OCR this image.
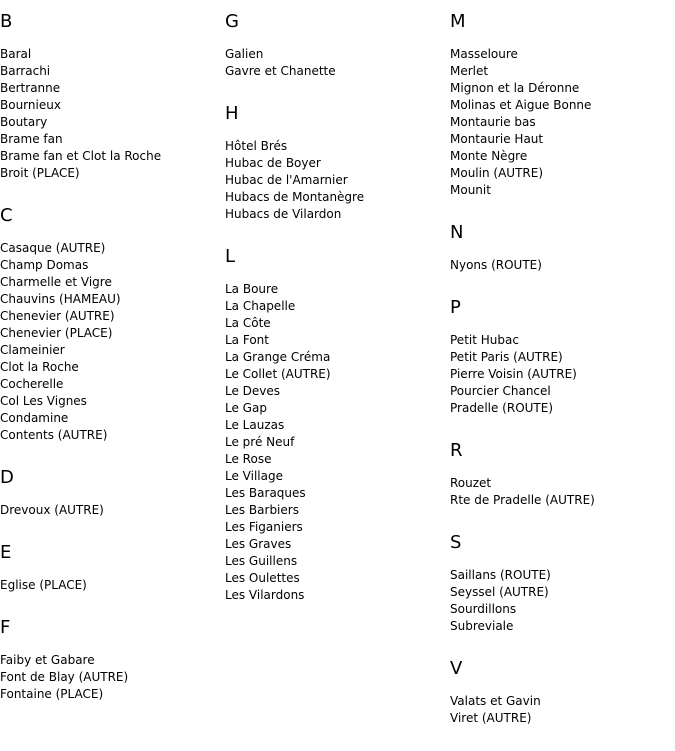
B
Baral
Barrachi
Bertranne
Bournieux
Boutary
Brame fan
Brame fan et Clot la Roche
Broit (PLACE)
C
Casaque (AUTRE)
Champ Domas
Charmelle et Vigre
Chauvins (HAMEAU)
Chenevier (AUTRE)
Chenevier (PLACE)
Clameinier
Clot la Roche
Cocherelle
Col Les Vignes
Condamine
Contents (AUTRE)
D
Drevoux (AUTRE)
E
Eglise (PLACE)
F
Faiby et Gabare
Font de Blay (AUTRE)
Fontaine (PLACE)
G
Galien
Gavre et Chanette
H
Hôtel Brés
Hubac de Boyer
Hubac de l'Amarnier
Hubacs de Montanègre
Hubacs de Vilardon
L
La Boure
La Chapelle
La Côte
La Font
La Grange Créma
Le Collet (AUTRE)
Le Deves
Le Gap
Le Lauzas
Le pré Neuf
Le Rose
Le Village
Les Baraques
Les Barbiers
Les Figaniers
Les Graves
Les Guillens
Les Oulettes
Les Vilardons
M
Masseloure
Merlet
Mignon et la Déronne
Molinas et Aigue Bonne
Montaurie bas
Montaurie Haut
Monte Nègre
Moulin (AUTRE)
Mounit
N
Nyons (ROUTE)
P
Petit Hubac
Petit Paris (AUTRE)
Pierre Voisin (AUTRE)
Pourcier Chancel
Pradelle (ROUTE)
R
Rouzet
Rte de Pradelle (AUTRE)
S
Saillans (ROUTE)
Seyssel (AUTRE)
Sourdillons
Subreviale
V
Valats et Gavin
Viret (AUTRE)
